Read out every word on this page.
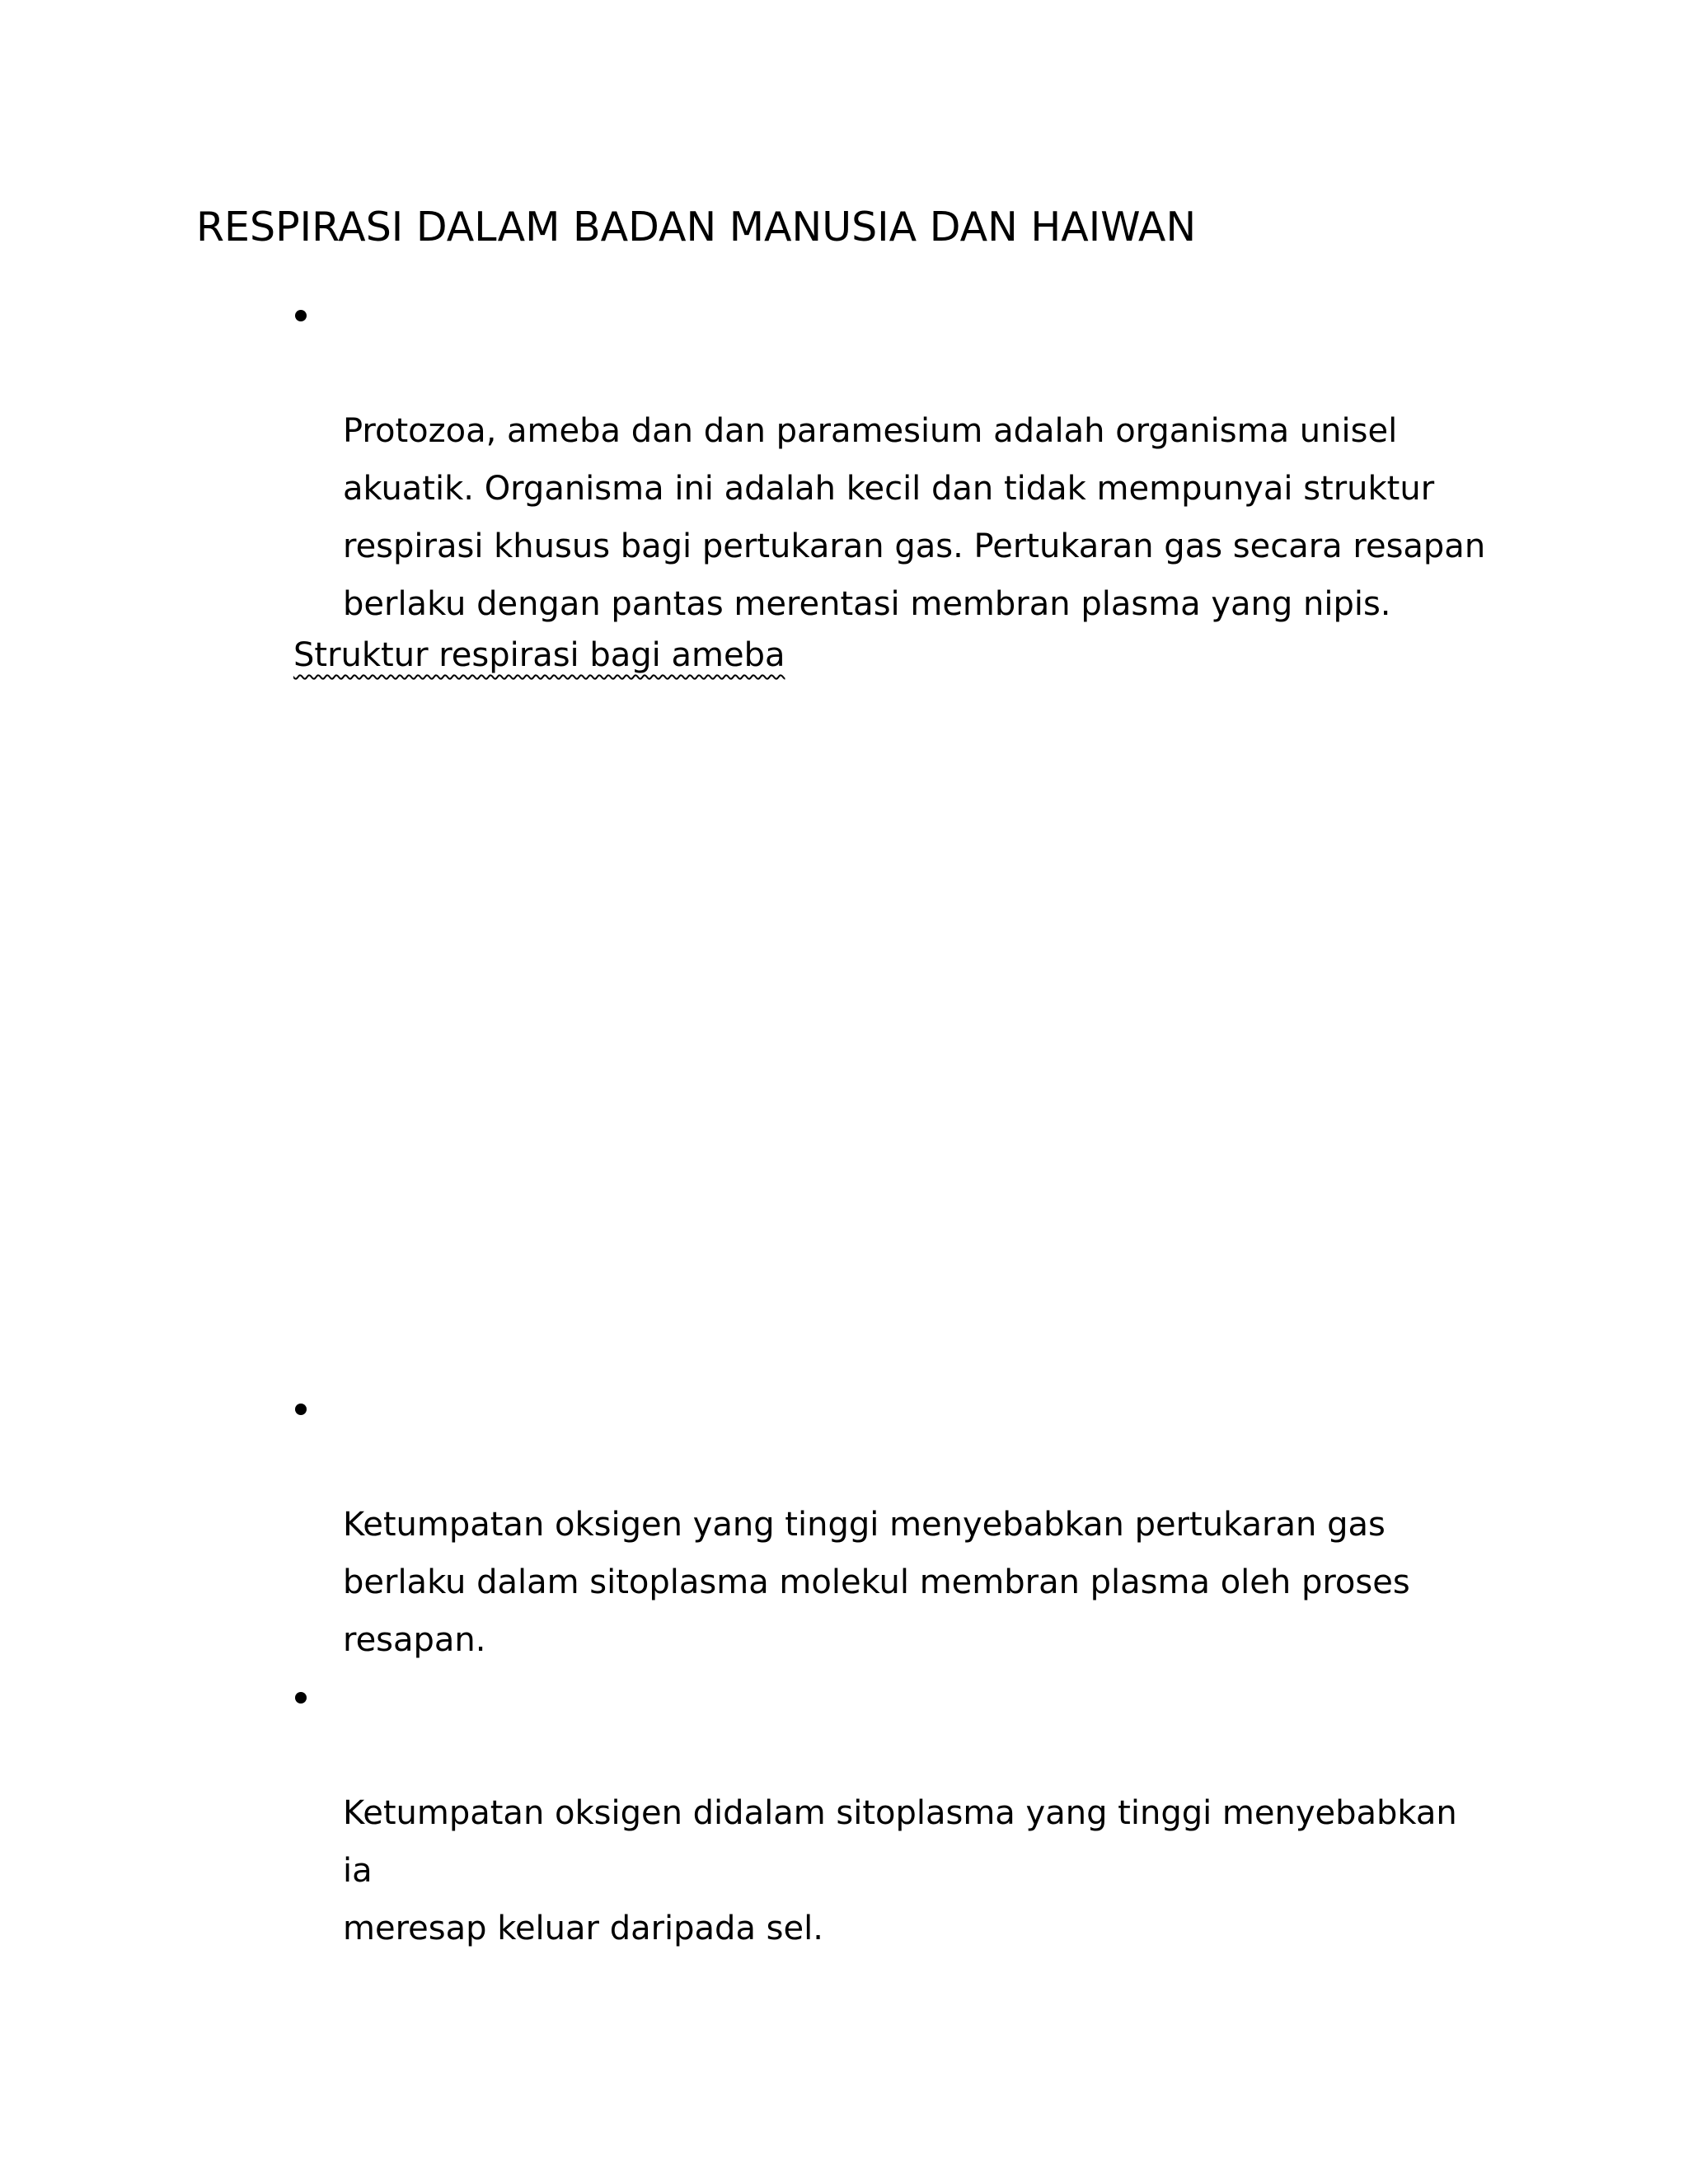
RESPIRASI DALAM BADAN MANUSIA DAN HAIWAN

Protozoa, ameba dan dan paramesium adalah organisma unisel
akuatik. Organisma ini adalah kecil dan tidak mempunyai struktur
respirasi khusus bagi pertukaran gas. Pertukaran gas secara resapan
berlaku dengan pantas merentasi membran plasma yang nipis.

Struktur respirasi bagi ameba

Ketumpatan oksigen yang tinggi menyebabkan pertukaran gas
berlaku dalam sitoplasma molekul membran plasma oleh proses
resapan.

Ketumpatan oksigen didalam sitoplasma yang tinggi menyebabkan ia
meresap keluar daripada sel.
